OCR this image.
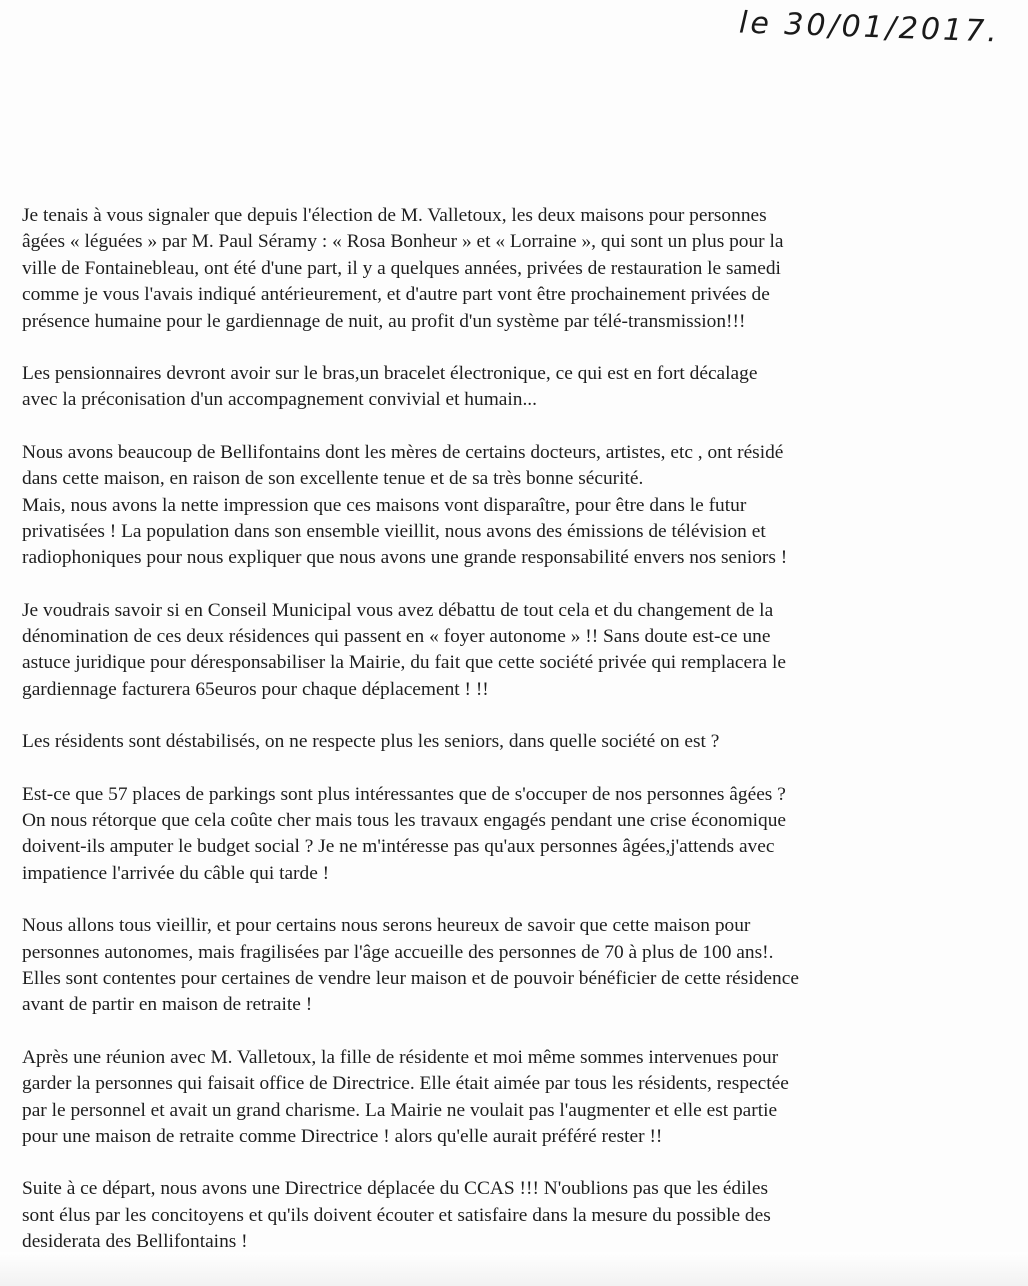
le 30/01/2017.
Je tenais à vous signaler que depuis l'élection de M. Valletoux, les deux maisons pour personnes
âgées « léguées » par M. Paul Séramy : « Rosa Bonheur » et « Lorraine », qui sont un plus pour la
ville de Fontainebleau, ont été d'une part, il y a quelques années, privées de restauration le samedi
comme je vous l'avais indiqué antérieurement, et d'autre part vont être prochainement privées de
présence humaine pour le gardiennage de nuit, au profit d'un système par télé-transmission!!!
Les pensionnaires devront avoir sur le bras,un bracelet électronique, ce qui est en fort décalage
avec la préconisation d'un accompagnement convivial et humain...
Nous avons beaucoup de Bellifontains dont les mères de certains docteurs, artistes, etc , ont résidé
dans cette maison, en raison de son excellente tenue et de sa très bonne sécurité.
Mais, nous avons la nette impression que ces maisons vont disparaître, pour être dans le futur
privatisées ! La population dans son ensemble vieillit, nous avons des émissions de télévision et
radiophoniques pour nous expliquer que nous avons une grande responsabilité envers nos seniors !
Je voudrais savoir si en Conseil Municipal vous avez débattu de tout cela et du changement de la
dénomination de ces deux résidences qui passent en « foyer autonome » !! Sans doute est-ce une
astuce juridique pour déresponsabiliser la Mairie, du fait que cette société privée qui remplacera le
gardiennage facturera 65euros pour chaque déplacement ! !!
Les résidents sont déstabilisés, on ne respecte plus les seniors, dans quelle société on est ?
Est-ce que 57 places de parkings sont plus intéressantes que de s'occuper de nos personnes âgées ?
On nous rétorque que cela coûte cher mais tous les travaux engagés pendant une crise économique
doivent-ils amputer le budget social ? Je ne m'intéresse pas qu'aux personnes âgées,j'attends avec
impatience l'arrivée du câble qui tarde !
Nous allons tous vieillir, et pour certains nous serons heureux de savoir que cette maison pour
personnes autonomes, mais fragilisées par l'âge accueille des personnes de 70 à plus de 100 ans!.
Elles sont contentes pour certaines de vendre leur maison et de pouvoir bénéficier de cette résidence
avant de partir en maison de retraite !
Après une réunion avec M. Valletoux, la fille de résidente et moi même sommes intervenues pour
garder la personnes qui faisait office de Directrice. Elle était aimée par tous les résidents, respectée
par le personnel et avait un grand charisme. La Mairie ne voulait pas l'augmenter et elle est partie
pour une maison de retraite comme Directrice ! alors qu'elle aurait préféré rester !!
Suite à ce départ, nous avons une Directrice déplacée du CCAS !!! N'oublions pas que les édiles
sont élus par les concitoyens et qu'ils doivent écouter et satisfaire dans la mesure du possible des
desiderata des Bellifontains !
